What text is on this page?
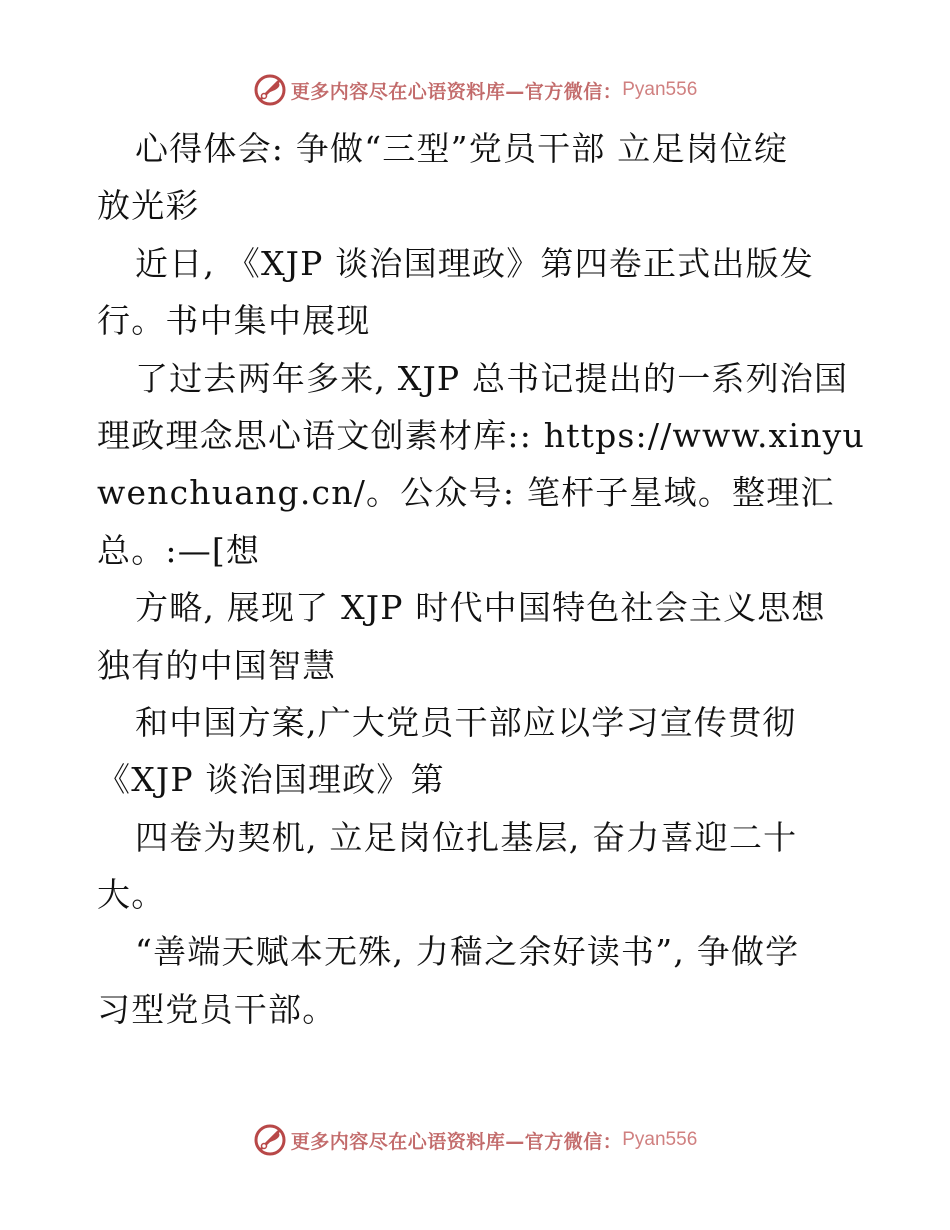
更多内容尽在心语资料库—官方微信： Pyan556
心得体会: 争做“三型”党员干部 立足岗位绽
放光彩
近日, 《XJP 谈治国理政》第四卷正式出版发
行。书中集中展现
了过去两年多来, XJP 总书记提出的一系列治国
理政理念思心语文创素材库:: https://www.xinyu
wenchuang.cn/。公众号: 笔杆子星域。整理汇
总。:—[想
方略, 展现了 XJP 时代中国特色社会主义思想
独有的中国智慧
和中国方案,广大党员干部应以学习宣传贯彻
《XJP 谈治国理政》第
四卷为契机, 立足岗位扎基层, 奋力喜迎二十
大。
“善端天赋本无殊, 力穑之余好读书”, 争做学
习型党员干部。
更多内容尽在心语资料库—官方微信： Pyan556
